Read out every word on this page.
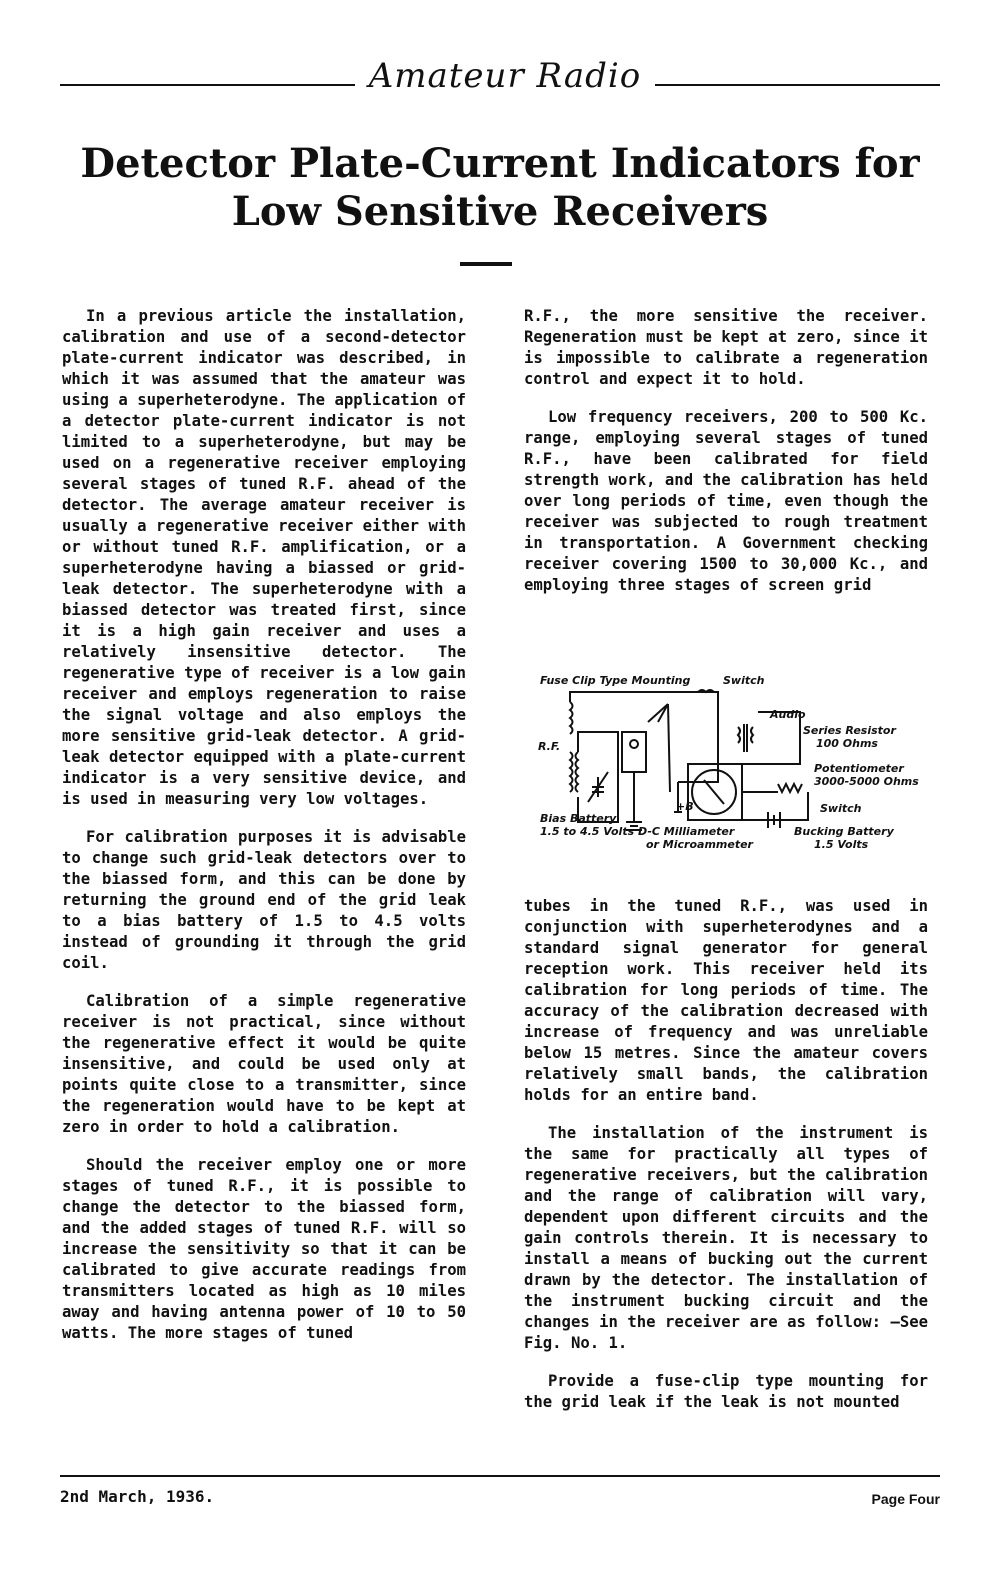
Amateur Radio
Detector Plate-Current Indicators for
Low Sensitive Receivers

In a previous article the installation, calibration and use of a second-detector plate-current indicator was described, in which it was assumed that the amateur was using a superheterodyne. The application of a detector plate-current indicator is not limited to a superheterodyne, but may be used on a regenerative receiver employing several stages of tuned R.F. ahead of the detector. The average amateur receiver is usually a regenerative receiver either with or without tuned R.F. amplification, or a superheterodyne having a biassed or grid-leak detector. The superheterodyne with a biassed detector was treated first, since it is a high gain receiver and uses a relatively insensitive detector. The regenerative type of receiver is a low gain receiver and employs regeneration to raise the signal voltage and also employs the more sensitive grid-leak detector. A grid-leak detector equipped with a plate-current indicator is a very sensitive device, and is used in measuring very low voltages.

For calibration purposes it is advisable to change such grid-leak detectors over to the biassed form, and this can be done by returning the ground end of the grid leak to a bias battery of 1.5 to 4.5 volts instead of grounding it through the grid coil.

Calibration of a simple regenerative receiver is not practical, since without the regenerative effect it would be quite insensitive, and could be used only at points quite close to a transmitter, since the regeneration would have to be kept at zero in order to hold a calibration.

Should the receiver employ one or more stages of tuned R.F., it is possible to change the detector to the biassed form, and the added stages of tuned R.F. will so increase the sensitivity so that it can be calibrated to give accurate readings from transmitters located as high as 10 miles away and having antenna power of 10 to 50 watts. The more stages of tuned

R.F., the more sensitive the receiver. Regeneration must be kept at zero, since it is impossible to calibrate a regeneration control and expect it to hold.

Low frequency receivers, 200 to 500 Kc. range, employing several stages of tuned R.F., have been calibrated for field strength work, and the calibration has held over long periods of time, even though the receiver was subjected to rough treatment in transportation. A Government checking receiver covering 1500 to 30,000 Kc., and employing three stages of screen grid

Fuse Clip Type Mounting	Switch
Audio
Series Resistor
100 Ohms
R.F.
Potentiometer
3000-5000 Ohms
Switch
Bias Battery
1.5 to 4.5 Volts
+B
D-C Milliameter
or Microammeter
Bucking Battery
1.5 Volts

tubes in the tuned R.F., was used in conjunction with superheterodynes and a standard signal generator for general reception work. This receiver held its calibration for long periods of time. The accuracy of the calibration decreased with increase of frequency and was unreliable below 15 metres. Since the amateur covers relatively small bands, the calibration holds for an entire band.

The installation of the instrument is the same for practically all types of regenerative receivers, but the calibration and the range of calibration will vary, dependent upon different circuits and the gain controls therein. It is necessary to install a means of bucking out the current drawn by the detector. The installation of the instrument bucking circuit and the changes in the receiver are as follow: —See Fig. No. 1.

Provide a fuse-clip type mounting for the grid leak if the leak is not mounted

2nd March, 1936.	Page Four
